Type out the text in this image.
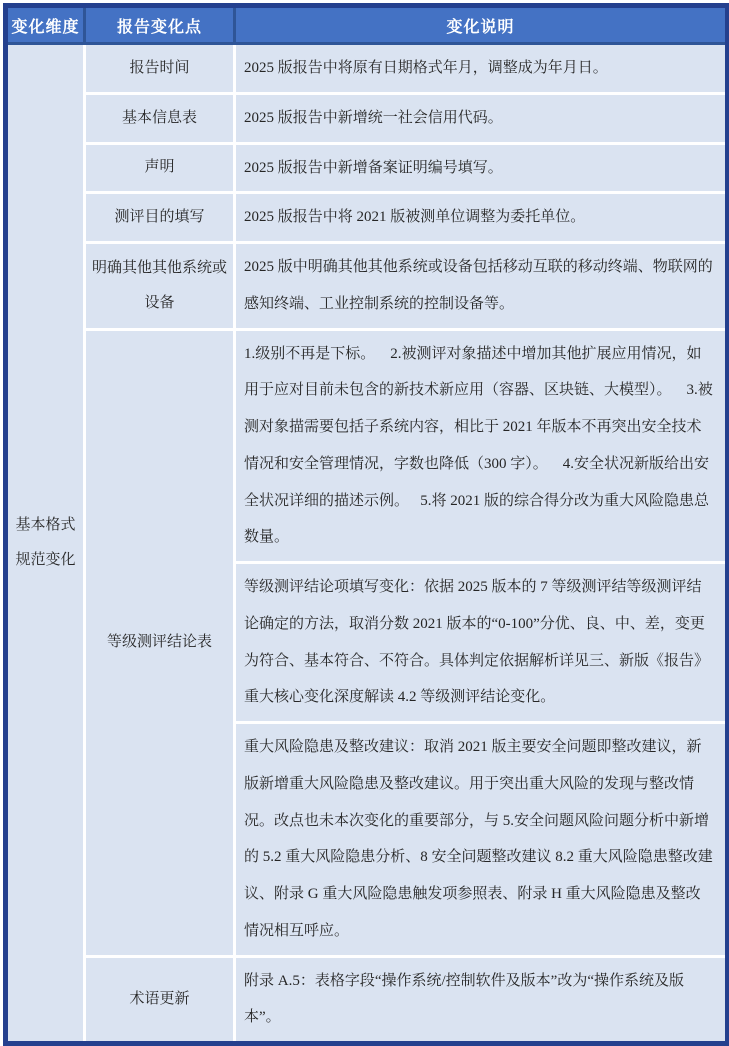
变化维度	报告变化点	变化说明
基本格式规范变化	报告时间	2025 版报告中将原有日期格式年月，调整成为年月日。
	基本信息表	2025 版报告中新增统一社会信用代码。
	声明	2025 版报告中新增备案证明编号填写。
	测评目的填写	2025 版报告中将 2021 版被测单位调整为委托单位。
	明确其他其他系统或设备	2025 版中明确其他其他系统或设备包括移动互联的移动终端、物联网的感知终端、工业控制系统的控制设备等。
	等级测评结论表	1.级别不再是下标。    2.被测评对象描述中增加其他扩展应用情况，如用于应对目前未包含的新技术新应用（容器、区块链、大模型）。    3.被测对象描需要包括子系统内容，相比于 2021 年版本不再突出安全技术情况和安全管理情况，字数也降低（300 字）。    4.安全状况新版给出安全状况详细的描述示例。   5.将 2021 版的综合得分改为重大风险隐患总数量。
		等级测评结论项填写变化：依据 2025 版本的 7 等级测评结等级测评结论确定的方法，取消分数 2021 版本的“0-100”分优、良、中、差，变更为符合、基本符合、不符合。具体判定依据解析详见三、新版《报告》重大核心变化深度解读 4.2 等级测评结论变化。
		重大风险隐患及整改建议：取消 2021 版主要安全问题即整改建议，新版新增重大风险隐患及整改建议。用于突出重大风险的发现与整改情况。改点也未本次变化的重要部分，与 5.安全问题风险问题分析中新增的 5.2 重大风险隐患分析、8 安全问题整改建议 8.2 重大风险隐患整改建议、附录 G 重大风险隐患触发项参照表、附录 H 重大风险隐患及整改情况相互呼应。
	术语更新	附录 A.5：表格字段“操作系统/控制软件及版本”改为“操作系统及版本”。
